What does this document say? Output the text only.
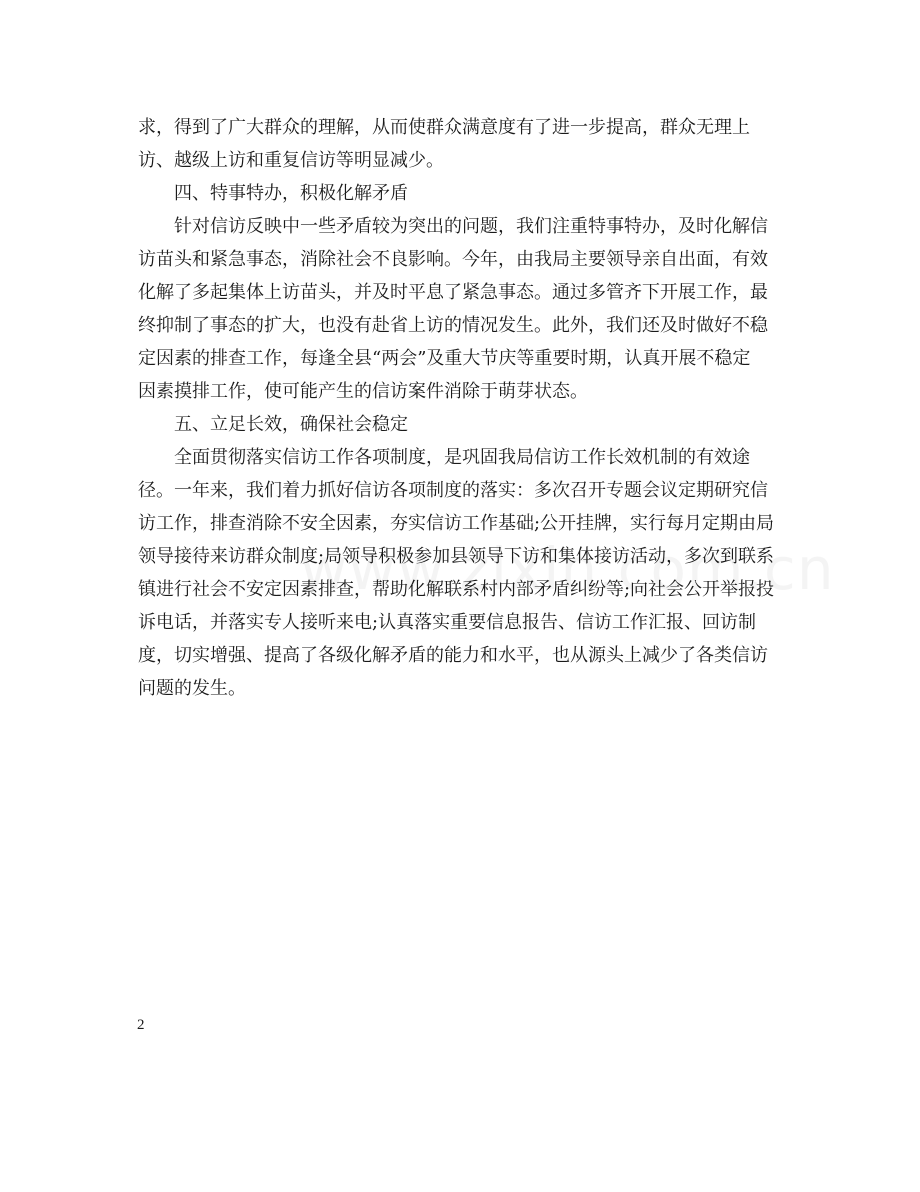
求，得到了广大群众的理解，从而使群众满意度有了进一步提高，群众无理上
访、越级上访和重复信访等明显减少。
四、特事特办，积极化解矛盾
针对信访反映中一些矛盾较为突出的问题，我们注重特事特办，及时化解信
访苗头和紧急事态，消除社会不良影响。今年，由我局主要领导亲自出面，有效
化解了多起集体上访苗头，并及时平息了紧急事态。通过多管齐下开展工作，最
终抑制了事态的扩大，也没有赴省上访的情况发生。此外，我们还及时做好不稳
定因素的排查工作，每逢全县“两会”及重大节庆等重要时期，认真开展不稳定
因素摸排工作，使可能产生的信访案件消除于萌芽状态。
五、立足长效，确保社会稳定
全面贯彻落实信访工作各项制度，是巩固我局信访工作长效机制的有效途
径。一年来，我们着力抓好信访各项制度的落实：多次召开专题会议定期研究信
访工作，排查消除不安全因素，夯实信访工作基础;公开挂牌，实行每月定期由局
领导接待来访群众制度;局领导积极参加县领导下访和集体接访活动，多次到联系
镇进行社会不安定因素排查，帮助化解联系村内部矛盾纠纷等;向社会公开举报投
诉电话，并落实专人接听来电;认真落实重要信息报告、信访工作汇报、回访制
度，切实增强、提高了各级化解矛盾的能力和水平，也从源头上减少了各类信访
问题的发生。
2
